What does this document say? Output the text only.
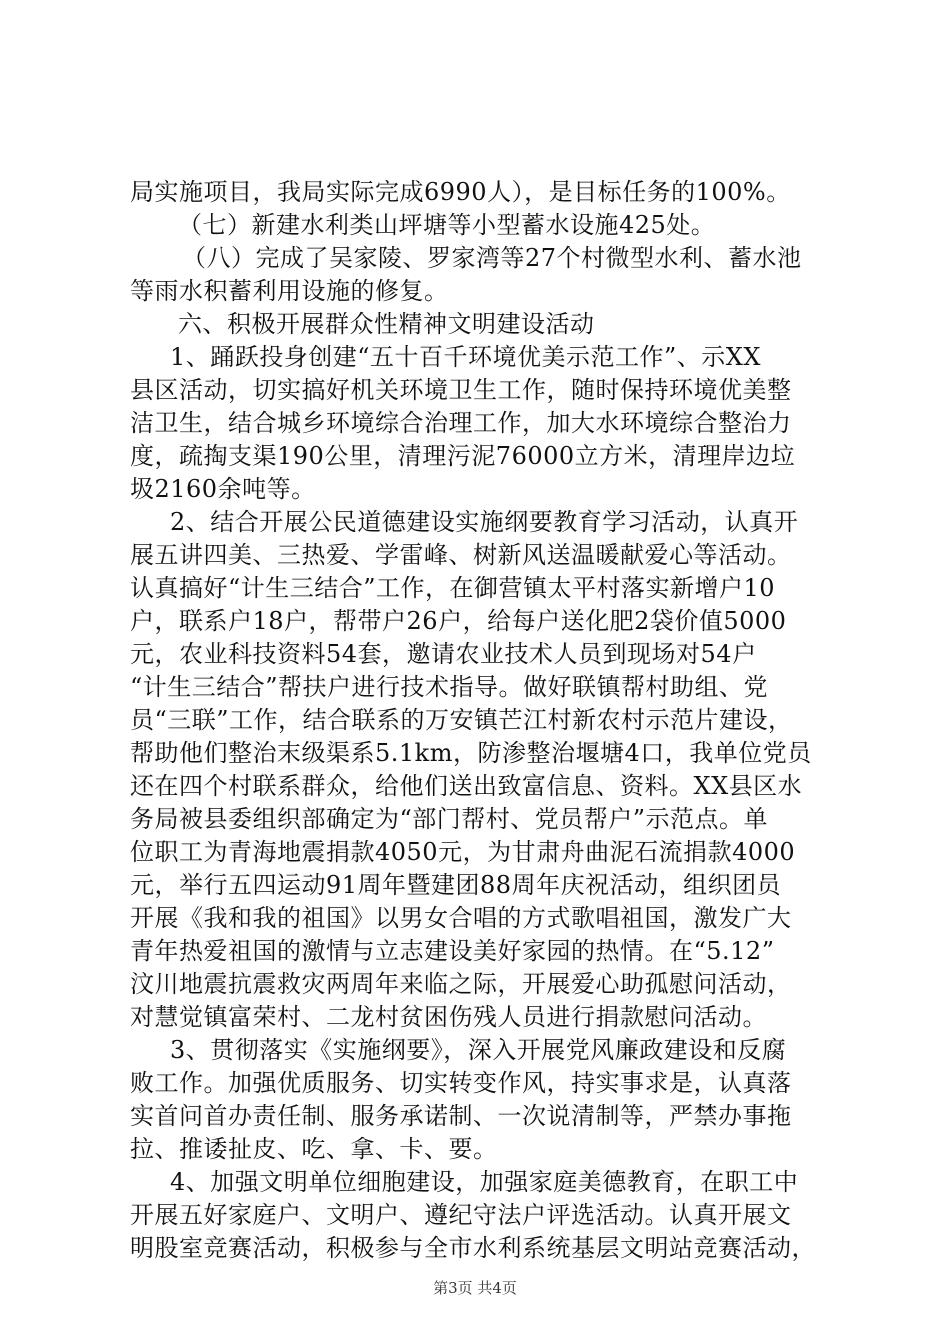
局实施项目，我局实际完成6990人），是目标任务的100%。
（七）新建水利类山坪塘等小型蓄水设施425处。
（八）完成了吴家陵、罗家湾等27个村微型水利、蓄水池
等雨水积蓄利用设施的修复。
六、积极开展群众性精神文明建设活动
1、踊跃投身创建“五十百千环境优美示范工作”、示XX
县区活动，切实搞好机关环境卫生工作，随时保持环境优美整
洁卫生，结合城乡环境综合治理工作，加大水环境综合整治力
度，疏掏支渠190公里，清理污泥76000立方米，清理岸边垃
圾2160余吨等。
2、结合开展公民道德建设实施纲要教育学习活动，认真开
展五讲四美、三热爱、学雷峰、树新风送温暖献爱心等活动。
认真搞好“计生三结合”工作，在御营镇太平村落实新增户10
户，联系户18户，帮带户26户，给每户送化肥2袋价值5000
元，农业科技资料54套，邀请农业技术人员到现场对54户
“计生三结合”帮扶户进行技术指导。做好联镇帮村助组、党
员“三联”工作，结合联系的万安镇芒江村新农村示范片建设，
帮助他们整治末级渠系5.1km，防渗整治堰塘4口，我单位党员
还在四个村联系群众，给他们送出致富信息、资料。XX县区水
务局被县委组织部确定为“部门帮村、党员帮户”示范点。单
位职工为青海地震捐款4050元，为甘肃舟曲泥石流捐款4000
元，举行五四运动91周年暨建团88周年庆祝活动，组织团员
开展《我和我的祖国》以男女合唱的方式歌唱祖国，激发广大
青年热爱祖国的激情与立志建设美好家园的热情。在“5.12”
汶川地震抗震救灾两周年来临之际，开展爱心助孤慰问活动，
对慧觉镇富荣村、二龙村贫困伤残人员进行捐款慰问活动。
3、贯彻落实《实施纲要》，深入开展党风廉政建设和反腐
败工作。加强优质服务、切实转变作风，持实事求是，认真落
实首问首办责任制、服务承诺制、一次说清制等，严禁办事拖
拉、推诿扯皮、吃、拿、卡、要。
4、加强文明单位细胞建设，加强家庭美德教育，在职工中
开展五好家庭户、文明户、遵纪守法户评选活动。认真开展文
明股室竞赛活动，积极参与全市水利系统基层文明站竞赛活动，
第3页 共4页
